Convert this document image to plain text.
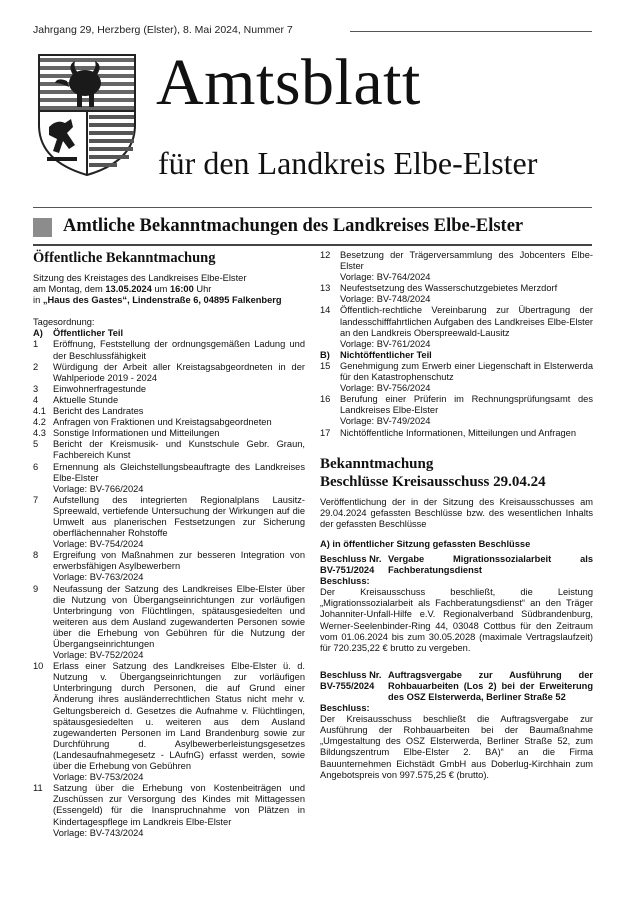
Jahrgang 29, Herzberg (Elster), 8. Mai 2024, Nummer 7
Amtsblatt
für den Landkreis Elbe-Elster
Amtliche Bekanntmachungen des Landkreises Elbe-Elster
Öffentliche Bekanntmachung

Sitzung des Kreistages des Landkreises Elbe-Elster

am Montag, dem 13.05.2024 um 16:00 Uhr

in „Haus des Gastes“, Lindenstraße 6, 04895 Falkenberg

Tagesordnung:

A) Öffentlicher Teil
1 Eröffnung, Feststellung der ordnungsgemäßen Ladung und der Beschlussfähigkeit
2 Würdigung der Arbeit aller Kreistagsabgeordneten in der Wahlperiode 2019 - 2024
3 Einwohnerfragestunde
4 Aktuelle Stunde
4.1 Bericht des Landrates
4.2 Anfragen von Fraktionen und Kreistagsabgeordneten
4.3 Sonstige Informationen und Mitteilungen
5 Bericht der Kreismusik- und Kunstschule Gebr. Graun, Fachbereich Kunst
6 Ernennung als Gleichstellungsbeauftragte des Landkreises Elbe-Elster
Vorlage: BV-766/2024
7 Aufstellung des integrierten Regionalplans Lausitz-Spreewald, vertiefende Untersuchung der Wirkungen auf die Umwelt aus planerischen Festsetzungen zur Sicherung oberflächennaher Rohstoffe
Vorlage: BV-754/2024
8 Ergreifung von Maßnahmen zur besseren Integration von erwerbsfähigen Asylbewerbern
Vorlage: BV-763/2024
9 Neufassung der Satzung des Landkreises Elbe-Elster über die Nutzung von Übergangseinrichtungen zur vorläufigen Unterbringung von Flüchtlingen, spätausgesiedelten und weiteren aus dem Ausland zugewanderten Personen sowie über die Erhebung von Gebühren für die Nutzung der Übergangseinrichtungen
Vorlage: BV-752/2024
10 Erlass einer Satzung des Landkreises Elbe-Elster ü. d. Nutzung v. Übergangseinrichtungen zur vorläufigen Unterbringung durch Personen, die auf Grund einer Änderung ihres ausländerrechtlichen Status nicht mehr v. Geltungsbereich d. Gesetzes die Aufnahme v. Flüchtlingen, spätausgesiedelten u. weiteren aus dem Ausland zugewanderten Personen im Land Brandenburg sowie zur Durchführung d. Asylbewerberleistungsgesetzes (Landesaufnahmegesetz - LAufnG) erfasst werden, sowie über die Erhebung von Gebühren
Vorlage: BV-753/2024
11 Satzung über die Erhebung von Kostenbeiträgen und Zuschüssen zur Versorgung des Kindes mit Mittagessen (Essengeld) für die Inanspruchnahme von Plätzen in Kindertagespflege im Landkreis Elbe-Elster
Vorlage: BV-743/2024
12 Besetzung der Trägerversammlung des Jobcenters Elbe-Elster
Vorlage: BV-764/2024
13 Neufestsetzung des Wasserschutzgebietes Merzdorf
Vorlage: BV-748/2024
14 Öffentlich-rechtliche Vereinbarung zur Übertragung der landesschifffahrtlichen Aufgaben des Landkreises Elbe-Elster an den Landkreis Oberspreewald-Lausitz
Vorlage: BV-761/2024
B) Nichtöffentlicher Teil
15 Genehmigung zum Erwerb einer Liegenschaft in Elsterwerda für den Katastrophenschutz
Vorlage: BV-756/2024
16 Berufung einer Prüferin im Rechnungsprüfungsamt des Landkreises Elbe-Elster
Vorlage: BV-749/2024
17 Nichtöffentliche Informationen, Mitteilungen und Anfragen
Bekanntmachung
Beschlüsse Kreisausschuss 29.04.24

Veröffentlichung der in der Sitzung des Kreisausschusses am 29.04.2024 gefassten Beschlüsse bzw. des wesentlichen Inhalts der gefassten Beschlüsse

A) in öffentlicher Sitzung gefassten Beschlüsse

Beschluss Nr.
BV-751/2024
Vergabe Migrationssozialarbeit als Fachberatungsdienst

Beschluss:

Der Kreisausschuss beschließt, die Leistung „Migrationssozialarbeit als Fachberatungsdienst“ an den Träger Johanniter-Unfall-Hilfe e.V. Regionalverband Südbrandenburg, Werner-Seelenbinder-Ring 44, 03048 Cottbus für den Zeitraum vom 01.06.2024 bis zum 30.05.2028 (maximale Vertragslaufzeit) für 720.235,22 € brutto zu vergeben.

Beschluss Nr.
BV-755/2024
Auftragsvergabe zur Ausführung der Rohbauarbeiten (Los 2) bei der Erweiterung des OSZ Elsterwerda, Berliner Straße 52

Beschluss:

Der Kreisausschuss beschließt die Auftragsvergabe zur Ausführung der Rohbauarbeiten bei der Baumaßnahme „Umgestaltung des OSZ Elsterwerda, Berliner Straße 52, zum Bildungszentrum Elbe-Elster 2. BA)“ an die Firma Bauunternehmen Eichstädt GmbH aus Doberlug-Kirchhain zum Angebotspreis von 997.575,25 € (brutto).
